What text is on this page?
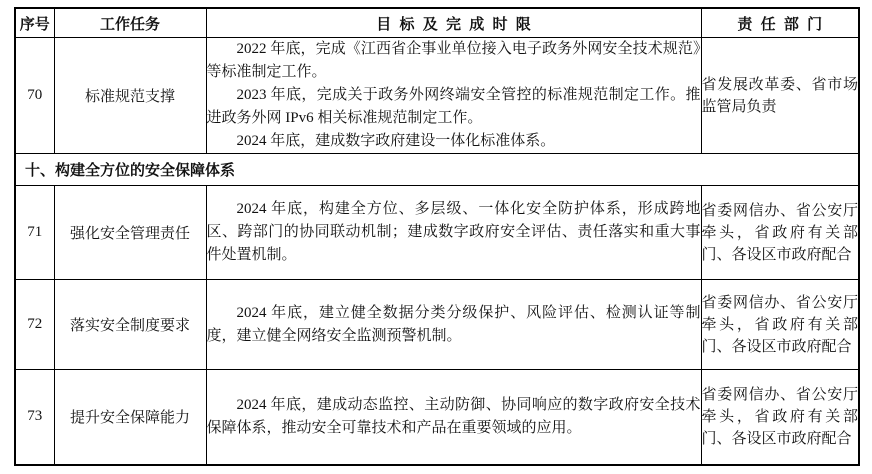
序号	工作任务	目标及完成时限	责任部门
70	标准规范支撑	2022 年底，完成《江西省企事业单位接入电子政务外网安全技术规范》等标准制定工作。

2023 年底，完成关于政务外网终端安全管控的标准规范制定工作。推进政务外网 IPv6 相关标准规范制定工作。

2024 年底，建成数字政府建设一体化标准体系。	省发展改革委、省市场监管局负责
十、构建全方位的安全保障体系			
71	强化安全管理责任	2024 年底，构建全方位、多层级、一体化安全防护体系，形成跨地区、跨部门的协同联动机制；建成数字政府安全评估、责任落实和重大事件处置机制。	省委网信办、省公安厅牵头，省政府有关部门、各设区市政府配合
72	落实安全制度要求	2024 年底，建立健全数据分类分级保护、风险评估、检测认证等制度，建立健全网络安全监测预警机制。	省委网信办、省公安厅牵头，省政府有关部门、各设区市政府配合
73	提升安全保障能力	2024 年底，建成动态监控、主动防御、协同响应的数字政府安全技术保障体系，推动安全可靠技术和产品在重要领域的应用。	省委网信办、省公安厅牵头，省政府有关部门、各设区市政府配合
